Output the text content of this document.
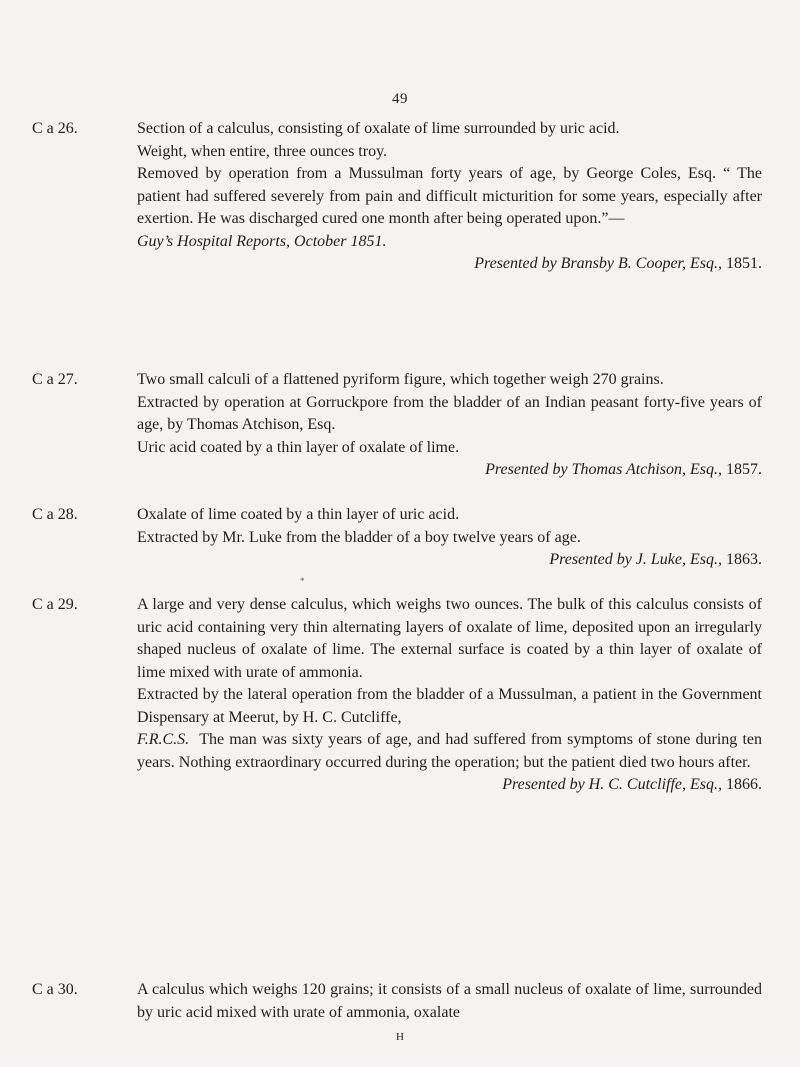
49
C a 26.	Section of a calculus, consisting of oxalate of lime surrounded by uric acid.

Weight, when entire, three ounces troy.

Removed by operation from a Mussulman forty years of age, by George Coles, Esq. “ The patient had suffered severely from pain and difficult micturition for some years, especially after exertion. He was discharged cured one month after being operated upon.”—

Guy’s Hospital Reports, October 1851.

Presented by Bransby B. Cooper, Esq., 1851.

C a 27.	Two small calculi of a flattened pyriform figure, which together weigh 270 grains.

Extracted by operation at Gorruckpore from the bladder of an Indian peasant forty-five years of age, by Thomas Atchison, Esq.

Uric acid coated by a thin layer of oxalate of lime.

Presented by Thomas Atchison, Esq., 1857.

C a 28.	Oxalate of lime coated by a thin layer of uric acid.

Extracted by Mr. Luke from the bladder of a boy twelve years of age.

Presented by J. Luke, Esq., 1863.

*
C a 29.	A large and very dense calculus, which weighs two ounces. The bulk of this calculus consists of uric acid containing very thin alternating layers of oxalate of lime, deposited upon an irregularly shaped nucleus of oxalate of lime. The external surface is coated by a thin layer of oxalate of lime mixed with urate of ammonia.

Extracted by the lateral operation from the bladder of a Mussulman, a patient in the Government Dispensary at Meerut, by H. C. Cutcliffe,

F.R.C.S. The man was sixty years of age, and had suffered from symptoms of stone during ten years. Nothing extraordinary occurred during the operation; but the patient died two hours after.

Presented by H. C. Cutcliffe, Esq., 1866.

C a 30.	A calculus which weighs 120 grains; it consists of a small nucleus of oxalate of lime, surrounded by uric acid mixed with urate of ammonia, oxalate

H
